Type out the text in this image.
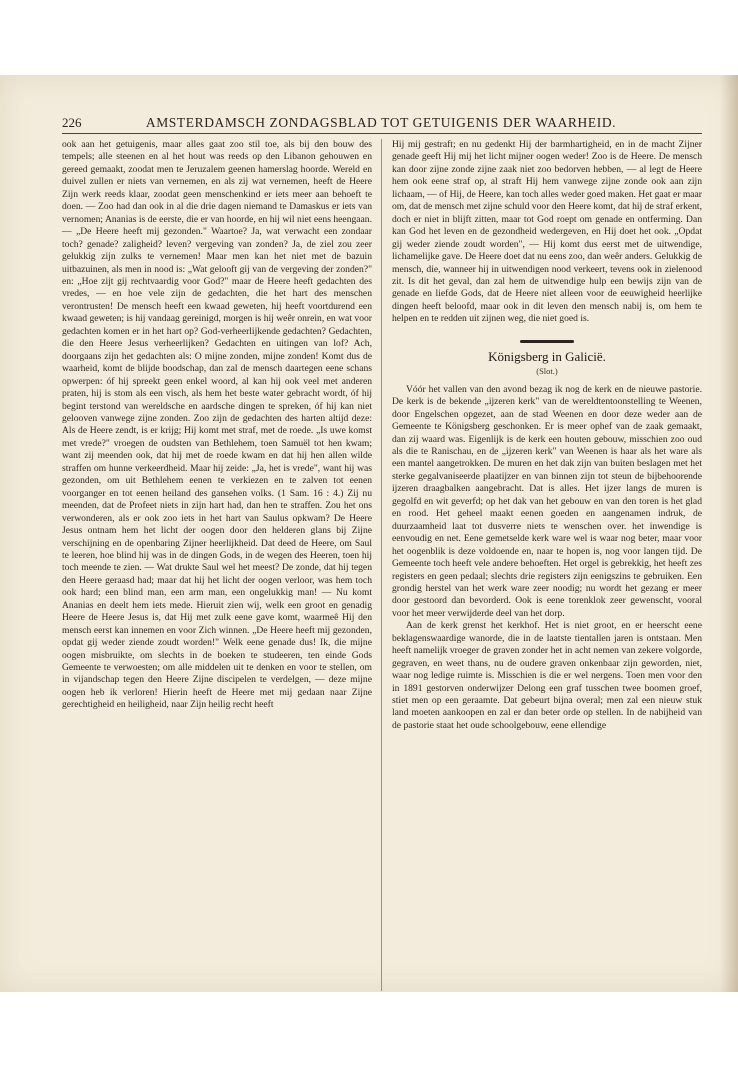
226	AMSTERDAMSCH ZONDAGSBLAD TOT GETUIGENIS DER WAARHEID.

ook aan het getuigenis, maar alles gaat zoo stil toe, als bij den bouw des tempels; alle steenen en al het hout was reeds op den Libanon gehouwen en gereed gemaakt, zoodat men te Jeruzalem geenen hamerslag hoorde. Wereld en duivel zullen er niets van vernemen, en als zij wat vernemen, heeft de Heere Zijn werk reeds klaar, zoodat geen menschenkind er iets meer aan behoeft te doen. — Zoo had dan ook in al die drie dagen niemand te Damaskus er iets van vernomen; Ananias is de eerste, die er van hoorde, en hij wil niet eens heengaan. — „De Heere heeft mij gezonden." Waartoe? Ja, wat verwacht een zondaar toch? genade? zaligheid? leven? vergeving van zonden? Ja, de ziel zou zeer gelukkig zijn zulks te vernemen! Maar men kan het niet met de bazuin uitbazuinen, als men in nood is: „Wat gelooft gij van de vergeving der zonden?" en: „Hoe zijt gij rechtvaardig voor God?" maar de Heere heeft gedachten des vredes, — en hoe vele zijn de gedachten, die het hart des menschen verontrusten! De mensch heeft een kwaad geweten, hij heeft voortdurend een kwaad geweten; is hij vandaag gereinigd, morgen is hij weêr onrein, en wat voor gedachten komen er in het hart op? God-verheerlijkende gedachten? Gedachten, die den Heere Jesus verheerlijken? Gedachten en uitingen van lof? Ach, doorgaans zijn het gedachten als: O mijne zonden, mijne zonden! Komt dus de waarheid, komt de blijde boodschap, dan zal de mensch daartegen eene schans opwerpen: óf hij spreekt geen enkel woord, al kan hij ook veel met anderen praten, hij is stom als een visch, als hem het beste water gebracht wordt, óf hij begint terstond van wereldsche en aardsche dingen te spreken, óf hij kan niet gelooven vanwege zijne zonden. Zoo zijn de gedachten des harten altijd deze: Als de Heere zendt, is er krijg; Hij komt met straf, met de roede. „Is uwe komst met vrede?" vroegen de oudsten van Bethlehem, toen Samuël tot hen kwam; want zij meenden ook, dat hij met de roede kwam en dat hij hen allen wilde straffen om hunne verkeerdheid. Maar hij zeide: „Ja, het is vrede", want hij was gezonden, om uit Bethlehem eenen te verkiezen en te zalven tot eenen voorganger en tot eenen heiland des gansehen volks. (1 Sam. 16 : 4.) Zij nu meenden, dat de Profeet niets in zijn hart had, dan hen te straffen. Zou het ons verwonderen, als er ook zoo iets in het hart van Saulus opkwam? De Heere Jesus ontnam hem het licht der oogen door den helderen glans bij Zijne verschijning en de openbaring Zijner heerlijkheid. Dat deed de Heere, om Saul te leeren, hoe blind hij was in de dingen Gods, in de wegen des Heeren, toen hij toch meende te zien. — Wat drukte Saul wel het meest? De zonde, dat hij tegen den Heere geraasd had; maar dat hij het licht der oogen verloor, was hem toch ook hard; een blind man, een arm man, een ongelukkig man! — Nu komt Ananias en deelt hem iets mede. Hieruit zien wij, welk een groot en genadig Heere de Heere Jesus is, dat Hij met zulk eene gave komt, waarmeê Hij den mensch eerst kan innemen en voor Zich winnen. „De Heere heeft mij gezonden, opdat gij weder ziende zoudt worden!" Welk eene genade dus! Ik, die mijne oogen misbruikte, om slechts in de boeken te studeeren, ten einde Gods Gemeente te verwoesten; om alle middelen uit te denken en voor te stellen, om in vijandschap tegen den Heere Zijne discipelen te verdelgen, — deze mijne oogen heb ik verloren! Hierin heeft de Heere met mij gedaan naar Zijne gerechtigheid en heiligheid, naar Zijn heilig recht heeft

Hij mij gestraft; en nu gedenkt Hij der barmhartigheid, en in de macht Zijner genade geeft Hij mij het licht mijner oogen weder! Zoo is de Heere. De mensch kan door zijne zonde zijne zaak niet zoo bedorven hebben, — al legt de Heere hem ook eene straf op, al straft Hij hem vanwege zijne zonde ook aan zijn lichaam, — of Hij, de Heere, kan toch alles weder goed maken. Het gaat er maar om, dat de mensch met zijne schuld voor den Heere komt, dat hij de straf erkent, doch er niet in blijft zitten, maar tot God roept om genade en ontferming. Dan kan God het leven en de gezondheid wedergeven, en Hij doet het ook. „Opdat gij weder ziende zoudt worden", — Hij komt dus eerst met de uitwendige, lichamelijke gave. De Heere doet dat nu eens zoo, dan weêr anders. Gelukkig de mensch, die, wanneer hij in uitwendigen nood verkeert, tevens ook in zielenood zit. Is dit het geval, dan zal hem de uitwendige hulp een bewijs zijn van de genade en liefde Gods, dat de Heere niet alleen voor de eeuwigheid heerlijke dingen heeft beloofd, maar ook in dit leven den mensch nabij is, om hem te helpen en te redden uit zijnen weg, die niet goed is.

Königsberg in Galicië.
(Slot.)

Vóór het vallen van den avond bezag ik nog de kerk en de nieuwe pastorie. De kerk is de bekende „ijzeren kerk" van de wereldtentoonstelling te Weenen, door Engelschen opgezet, aan de stad Weenen en door deze weder aan de Gemeente te Königsberg geschonken. Er is meer ophef van de zaak gemaakt, dan zij waard was. Eigenlijk is de kerk een houten gebouw, misschien zoo oud als die te Ranischau, en de „ijzeren kerk" van Weenen is haar als het ware als een mantel aangetrokken. De muren en het dak zijn van buiten beslagen met het sterke gegalvaniseerde plaatijzer en van binnen zijn tot steun de bijbehoorende ijzeren draagbalken aangebracht. Dat is alles. Het ijzer langs de muren is gegolfd en wit geverfd; op het dak van het gebouw en van den toren is het glad en rood. Het geheel maakt eenen goeden en aangenamen indruk, de duurzaamheid laat tot dusverre niets te wenschen over. het inwendige is eenvoudig en net. Eene gemetselde kerk ware wel is waar nog beter, maar voor het oogenblik is deze voldoende en, naar te hopen is, nog voor langen tijd. De Gemeente toch heeft vele andere behoeften. Het orgel is gebrekkig, het heeft zes registers en geen pedaal; slechts drie registers zijn eenigszins te gebruiken. Een grondig herstel van het werk ware zeer noodig; nu wordt het gezang er meer door gestoord dan bevorderd. Ook is eene torenklok zeer gewenscht, vooral voor het meer verwijderde deel van het dorp.

Aan de kerk grenst het kerkhof. Het is niet groot, en er heerscht eene beklagenswaardige wanorde, die in de laatste tientallen jaren is ontstaan. Men heeft namelijk vroeger de graven zonder het in acht nemen van zekere volgorde, gegraven, en weet thans, nu de oudere graven onkenbaar zijn geworden, niet, waar nog ledige ruimte is. Misschien is die er wel nergens. Toen men voor den in 1891 gestorven onderwijzer Delong een graf tusschen twee boomen groef, stiet men op een geraamte. Dat gebeurt bijna overal; men zal een nieuw stuk land moeten aankoopen en zal er dan beter orde op stellen. In de nabijheid van de pastorie staat het oude schoolgebouw, eene ellendige
